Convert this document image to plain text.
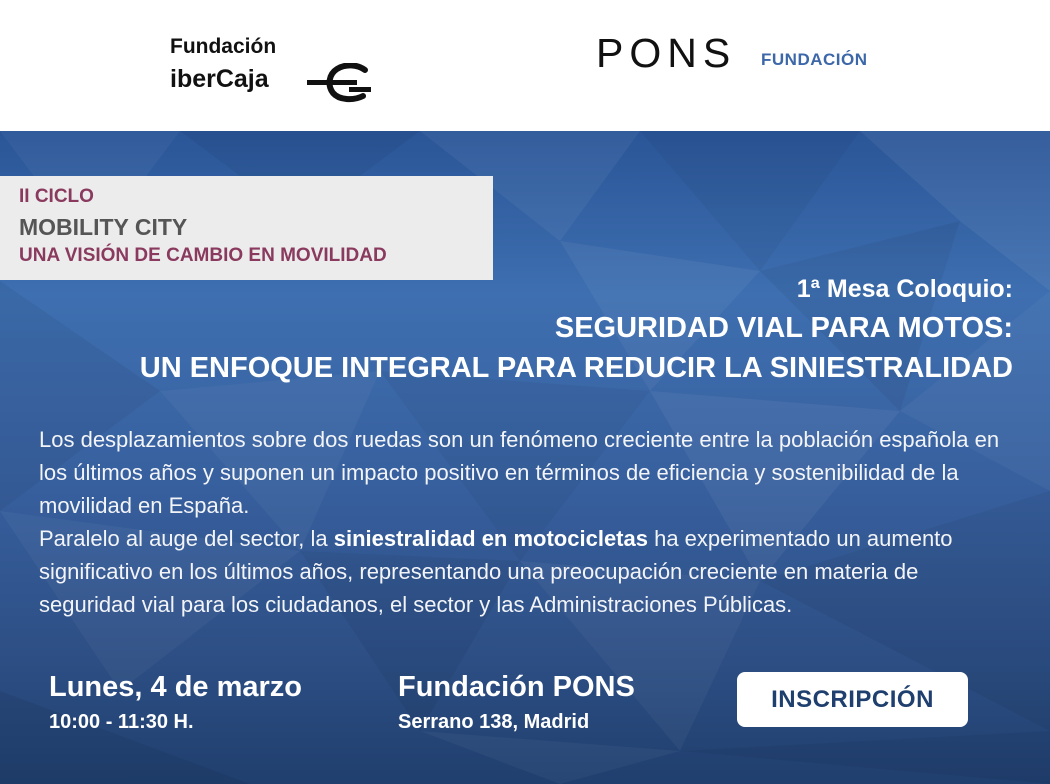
Fundación
iberCaja
PONS FUNDACIÓN
II CICLO
MOBILITY CITY
UNA VISIÓN DE CAMBIO EN MOVILIDAD
1ª Mesa Coloquio:
SEGURIDAD VIAL PARA MOTOS:
UN ENFOQUE INTEGRAL PARA REDUCIR LA SINIESTRALIDAD
Los desplazamientos sobre dos ruedas son un fenómeno creciente entre la población española en los últimos años y suponen un impacto positivo en términos de eficiencia y sostenibilidad de la movilidad en España.
Paralelo al auge del sector, la siniestralidad en motocicletas ha experimentado un aumento significativo en los últimos años, representando una preocupación creciente en materia de seguridad vial para los ciudadanos, el sector y las Administraciones Públicas.
Lunes, 4 de marzo
10:00 - 11:30 H.
Fundación PONS
Serrano 138, Madrid
INSCRIPCIÓN
